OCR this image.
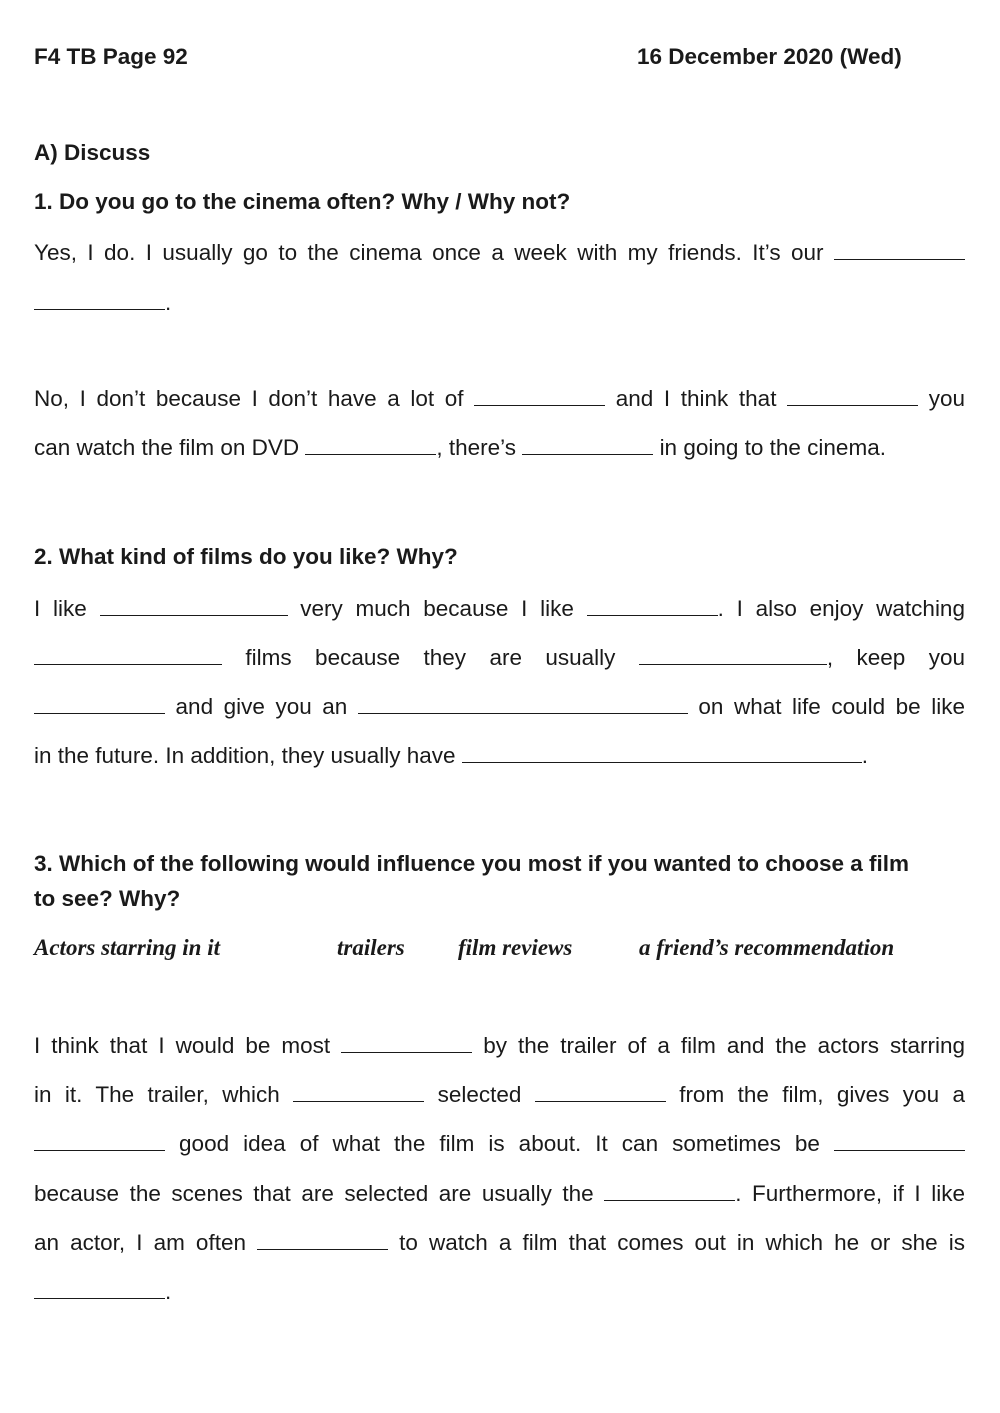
F4 TB Page 92	16 December 2020 (Wed)
A) Discuss
1. Do you go to the cinema often? Why / Why not?
Yes, I do. I usually go to the cinema once a week with my friends. It’s our
.
No, I don’t because I don’t have a lot of	and I think that	you
can watch the film on DVD	, there’s	in going to the cinema.
2. What kind of films do you like? Why?
I like	very much because I like	. I also enjoy watching
films because they are usually	, keep you
and give you an	on what life could be like
in the future. In addition, they usually have	.
3. Which of the following would influence you most if you wanted to choose a film
to see? Why?
Actors starring in it	trailers film reviews	a friend’s recommendation
I think that I would be most	by the trailer of a film and the actors starring
in it. The trailer, which	selected	from the film, gives you a
good idea of what the film is about. It can sometimes be
because the scenes that are selected are usually the	. Furthermore, if I like
an actor, I am often	to watch a film that comes out in which he or she is
.
